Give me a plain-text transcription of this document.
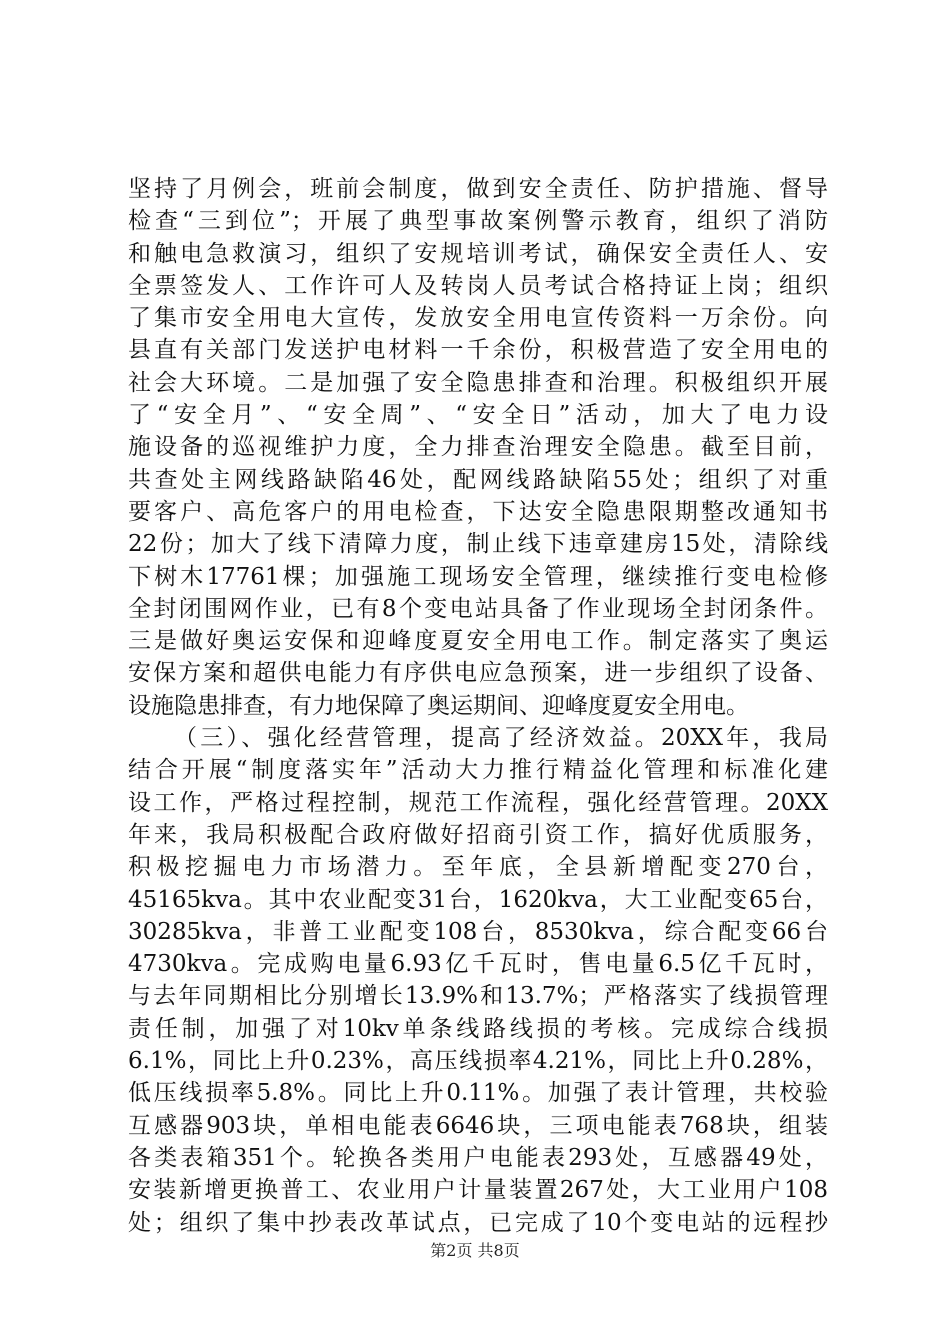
坚持了月例会，班前会制度，做到安全责任、防护措施、督导
检查“三到位”；开展了典型事故案例警示教育，组织了消防
和触电急救演习，组织了安规培训考试，确保安全责任人、安
全票签发人、工作许可人及转岗人员考试合格持证上岗；组织
了集市安全用电大宣传，发放安全用电宣传资料一万余份。向
县直有关部门发送护电材料一千余份，积极营造了安全用电的
社会大环境。二是加强了安全隐患排查和治理。积极组织开展
了“安全月”、“安全周”、“安全日”活动，加大了电力设
施设备的巡视维护力度，全力排查治理安全隐患。截至目前，
共查处主网线路缺陷46处，配网线路缺陷55处；组织了对重
要客户、高危客户的用电检查，下达安全隐患限期整改通知书
22份；加大了线下清障力度，制止线下违章建房15处，清除线
下树木17761棵；加强施工现场安全管理，继续推行变电检修
全封闭围网作业，已有8个变电站具备了作业现场全封闭条件。
三是做好奥运安保和迎峰度夏安全用电工作。制定落实了奥运
安保方案和超供电能力有序供电应急预案，进一步组织了设备、
设施隐患排查，有力地保障了奥运期间、迎峰度夏安全用电。
（三）、强化经营管理，提高了经济效益。20XX年，我局
结合开展“制度落实年”活动大力推行精益化管理和标准化建
设工作，严格过程控制，规范工作流程，强化经营管理。20XX
年来，我局积极配合政府做好招商引资工作，搞好优质服务，
积极挖掘电力市场潜力。至年底，全县新增配变270台，
45165kva。其中农业配变31台，1620kva，大工业配变65台，
30285kva，非普工业配变108台，8530kva，综合配变66台
4730kva。完成购电量6.93亿千瓦时，售电量6.5亿千瓦时，
与去年同期相比分别增长13.9%和13.7%；严格落实了线损管理
责任制，加强了对10kv单条线路线损的考核。完成综合线损
6.1%，同比上升0.23%，高压线损率4.21%，同比上升0.28%，
低压线损率5.8%。同比上升0.11%。加强了表计管理，共校验
互感器903块，单相电能表6646块，三项电能表768块，组装
各类表箱351个。轮换各类用户电能表293处，互感器49处，
安装新增更换普工、农业用户计量装置267处，大工业用户108
处；组织了集中抄表改革试点，已完成了10个变电站的远程抄
第2页 共8页
